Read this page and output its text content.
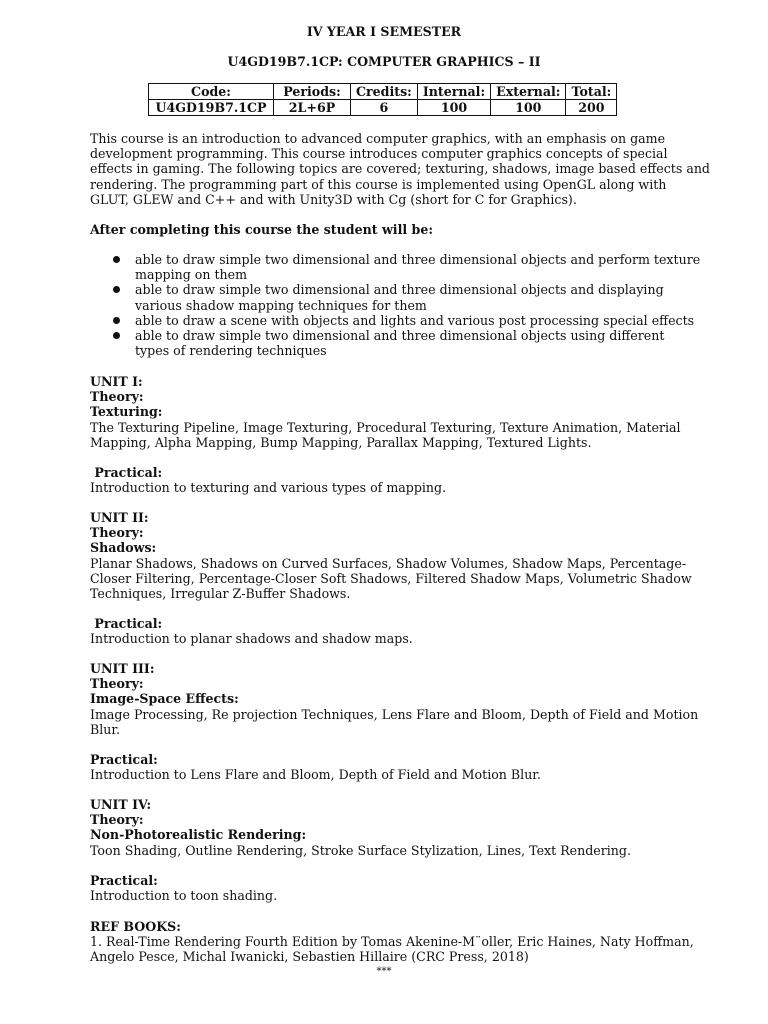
IV YEAR I SEMESTER
U4GD19B7.1CP: COMPUTER GRAPHICS – II
Code:	Periods:	Credits:	Internal:	External:	Total:
U4GD19B7.1CP	2L+6P	6	100	100	200
This course is an introduction to advanced computer graphics, with an emphasis on game
development programming. This course introduces computer graphics concepts of special
effects in gaming. The following topics are covered; texturing, shadows, image based effects and
rendering. The programming part of this course is implemented using OpenGL along with
GLUT, GLEW and C++ and with Unity3D with Cg (short for C for Graphics).
After completing this course the student will be:
able to draw simple two dimensional and three dimensional objects and perform texture
mapping on them
able to draw simple two dimensional and three dimensional objects and displaying
various shadow mapping techniques for them
able to draw a scene with objects and lights and various post processing special effects
able to draw simple two dimensional and three dimensional objects using different
types of rendering techniques
UNIT I:
Theory:
Texturing:
The Texturing Pipeline, Image Texturing, Procedural Texturing, Texture Animation, Material
Mapping, Alpha Mapping, Bump Mapping, Parallax Mapping, Textured Lights.
Practical:
Introduction to texturing and various types of mapping.
UNIT II:
Theory:
Shadows:
Planar Shadows, Shadows on Curved Surfaces, Shadow Volumes, Shadow Maps, Percentage-
Closer Filtering, Percentage-Closer Soft Shadows, Filtered Shadow Maps, Volumetric Shadow
Techniques, Irregular Z-Buffer Shadows.
Practical:
Introduction to planar shadows and shadow maps.
UNIT III:
Theory:
Image-Space Effects:
Image Processing, Re projection Techniques, Lens Flare and Bloom, Depth of Field and Motion
Blur.
Practical:
Introduction to Lens Flare and Bloom, Depth of Field and Motion Blur.
UNIT IV:
Theory:
Non-Photorealistic Rendering:
Toon Shading, Outline Rendering, Stroke Surface Stylization, Lines, Text Rendering.
Practical:
Introduction to toon shading.
REF BOOKS:
1. Real-Time Rendering Fourth Edition by Tomas Akenine-M¨oller, Eric Haines, Naty Hoffman,
Angelo Pesce, Michal Iwanicki, Sebastien Hillaire (CRC Press, 2018)
***
